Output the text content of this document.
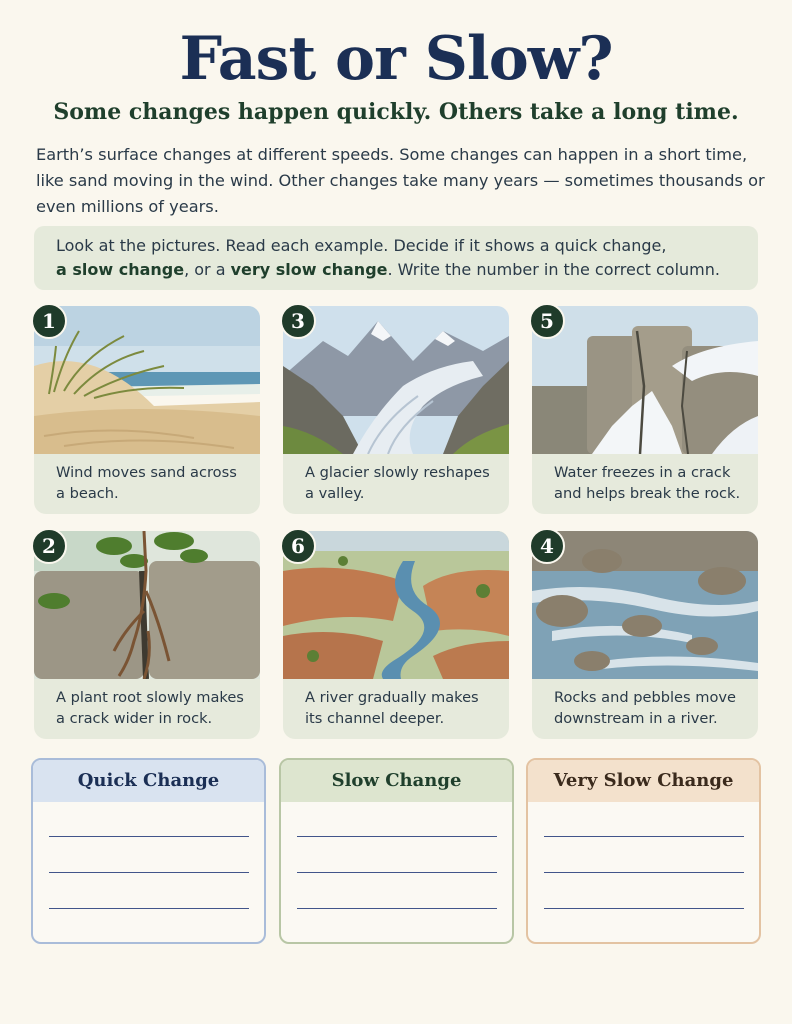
Fast or Slow?
Some changes happen quickly. Others take a long time.
Earth’s surface changes at different speeds. Some changes can happen in a short time, like sand moving in the wind. Other changes take many years — sometimes thousands or even millions of years.
Look at the pictures. Read each example. Decide if it shows a quick change,
a slow change, or a very slow change. Write the number in the correct column.
1
Wind moves sand across a beach.
3
A glacier slowly reshapes a valley.
5
Water freezes in a crack and helps break the rock.
2
A plant root slowly makes a crack wider in rock.
6
A river gradually makes its channel deeper.
4
Rocks and pebbles move downstream in a river.
Quick Change	Slow Change	Very Slow Change
